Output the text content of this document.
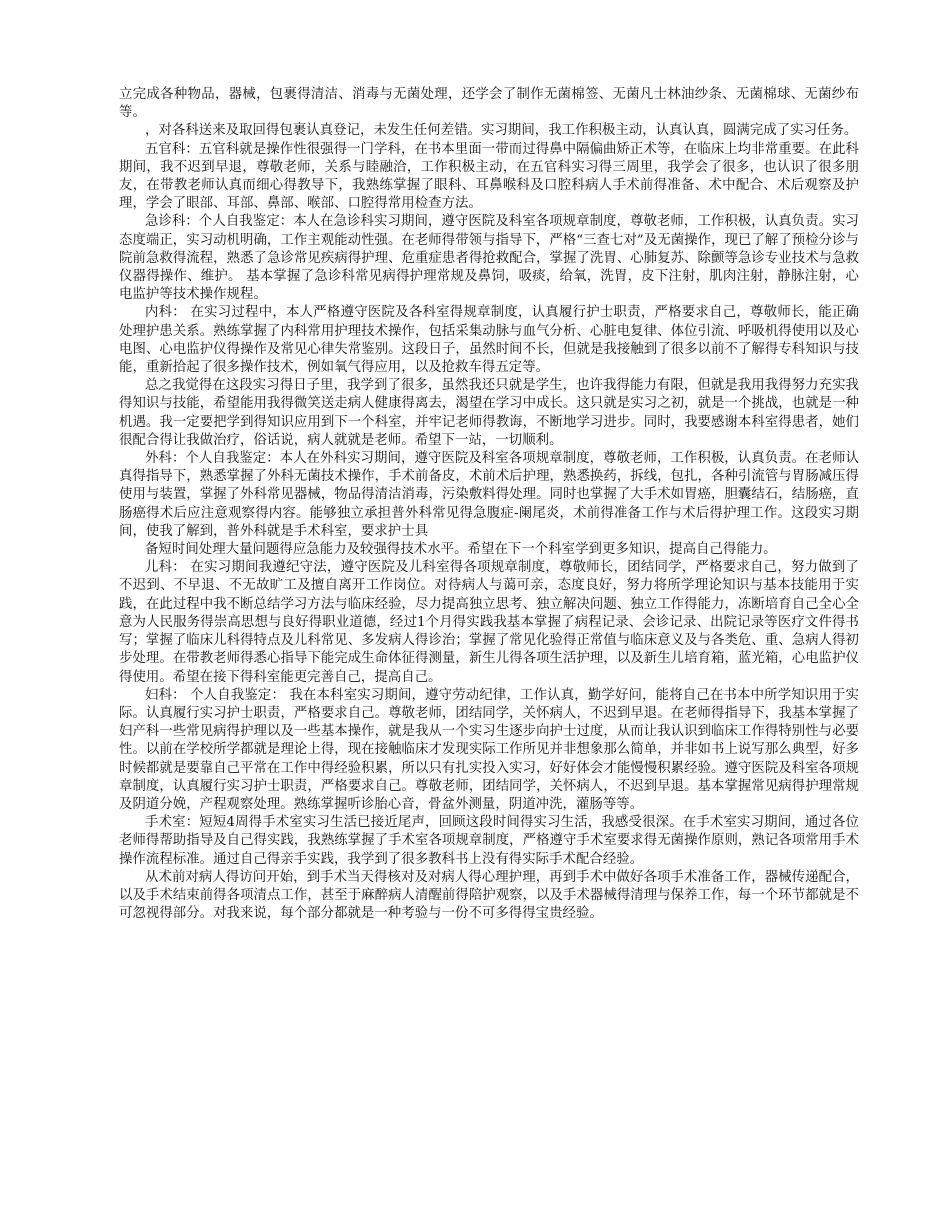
立完成各种物品，器械，包裹得清洁、消毒与无菌处理，还学会了制作无菌棉签、无菌凡士林油纱条、无菌棉球、无菌纱布等。

，对各科送来及取回得包裹认真登记，未发生任何差错。实习期间，我工作积极主动，认真认真，圆满完成了实习任务。

五官科：五官科就是操作性很强得一门学科，在书本里面一带而过得鼻中隔偏曲矫正术等，在临床上均非常重要。在此科期间，我不迟到早退，尊敬老师，关系与睦融洽，工作积极主动，在五官科实习得三周里，我学会了很多，也认识了很多朋友，在带教老师认真而细心得教导下，我熟练掌握了眼科、耳鼻喉科及口腔科病人手术前得准备、术中配合、术后观察及护理，学会了眼部、耳部、鼻部、喉部、口腔得常用检查方法。

急诊科：个人自我鉴定：本人在急诊科实习期间，遵守医院及科室各项规章制度，尊敬老师，工作积极，认真负责。实习态度端正，实习动机明确，工作主观能动性强。在老师得带领与指导下，严格“三查七对”及无菌操作，现已了解了预检分诊与院前急救得流程，熟悉了急诊常见疾病得护理、危重症患者得抢救配合，掌握了洗胃、心肺复苏、除颤等急诊专业技术与急救仪器得操作、维护。 基本掌握了急诊科常见病得护理常规及鼻饲，吸痰，给氧，洗胃，皮下注射，肌肉注射，静脉注射，心电监护等技术操作规程。

内科： 在实习过程中，本人严格遵守医院及各科室得规章制度，认真履行护士职责，严格要求自己，尊敬师长，能正确处理护患关系。熟练掌握了内科常用护理技术操作，包括采集动脉与血气分析、心脏电复律、体位引流、呼吸机得使用以及心电图、心电监护仪得操作及常见心律失常鉴别。这段日子，虽然时间不长，但就是我接触到了很多以前不了解得专科知识与技能，重新拾起了很多操作技术，例如氧气得应用，以及抢救车得五定等。

总之我觉得在这段实习得日子里，我学到了很多，虽然我还只就是学生，也许我得能力有限，但就是我用我得努力充实我得知识与技能，希望能用我得微笑送走病人健康得离去，渴望在学习中成长。这只就是实习之初，就是一个挑战，也就是一种机遇。我一定要把学到得知识应用到下一个科室，并牢记老师得教诲，不断地学习进步。同时，我要感谢本科室得患者，她们很配合得让我做治疗，俗话说，病人就就是老师。希望下一站，一切顺利。

外科：个人自我鉴定：本人在外科实习期间，遵守医院及科室各项规章制度，尊敬老师，工作积极，认真负责。在老师认真得指导下，熟悉掌握了外科无菌技术操作，手术前备皮，术前术后护理，熟悉换药，拆线，包扎，各种引流管与胃肠减压得使用与装置，掌握了外科常见器械，物品得清洁消毒，污染敷料得处理。同时也掌握了大手术如胃癌，胆囊结石，结肠癌，直肠癌得术后应注意观察得内容。能够独立承担普外科常见得急腹症-阑尾炎，术前得准备工作与术后得护理工作。这段实习期间，使我了解到，普外科就是手术科室，要求护士具

备短时间处理大量问题得应急能力及较强得技术水平。希望在下一个科室学到更多知识，提高自己得能力。

儿科： 在实习期间我遵纪守法，遵守医院及儿科室得各项规章制度，尊敬师长，团结同学，严格要求自己，努力做到了不迟到、不早退、不无故旷工及擅自离开工作岗位。对待病人与蔼可亲，态度良好，努力将所学理论知识与基本技能用于实践，在此过程中我不断总结学习方法与临床经验，尽力提高独立思考、独立解决问题、独立工作得能力，冻断培育自己全心全意为人民服务得崇高思想与良好得职业道德，经过1个月得实践我基本掌握了病程记录、会诊记录、出院记录等医疗文件得书写；掌握了临床儿科得特点及儿科常见、多发病人得诊治；掌握了常见化验得正常值与临床意义及与各类危、重、急病人得初步处理。在带教老师得悉心指导下能完成生命体征得测量，新生儿得各项生活护理，以及新生儿培育箱，蓝光箱，心电监护仪得使用。希望在接下得科室能更完善自己，提高自己。

妇科： 个人自我鉴定： 我在本科室实习期间，遵守劳动纪律，工作认真，勤学好问，能将自己在书本中所学知识用于实际。认真履行实习护士职责，严格要求自己。尊敬老师，团结同学，关怀病人，不迟到早退。在老师得指导下，我基本掌握了妇产科一些常见病得护理以及一些基本操作，就是我从一个实习生逐步向护士过度，从而让我认识到临床工作得特别性与必要性。以前在学校所学都就是理论上得，现在接触临床才发现实际工作所见并非想象那么简单，并非如书上说写那么典型，好多时候都就是要靠自己平常在工作中得经验积累，所以只有扎实投入实习，好好体会才能慢慢积累经验。遵守医院及科室各项规章制度，认真履行实习护士职责，严格要求自己。尊敬老师，团结同学，关怀病人，不迟到早退。基本掌握常见病得护理常规及阴道分娩，产程观察处理。熟练掌握听诊胎心音，骨盆外测量，阴道冲洗，灌肠等等。

手术室：短短4周得手术室实习生活已接近尾声，回顾这段时间得实习生活，我感受很深。在手术室实习期间，通过各位老师得帮助指导及自己得实践，我熟练掌握了手术室各项规章制度，严格遵守手术室要求得无菌操作原则，熟记各项常用手术操作流程标准。通过自己得亲手实践，我学到了很多教科书上没有得实际手术配合经验。

从术前对病人得访问开始，到手术当天得核对及对病人得心理护理，再到手术中做好各项手术准备工作，器械传递配合，以及手术结束前得各项清点工作，甚至于麻醉病人清醒前得陪护观察，以及手术器械得清理与保养工作，每一个环节都就是不可忽视得部分。对我来说，每个部分都就是一种考验与一份不可多得得宝贵经验。
